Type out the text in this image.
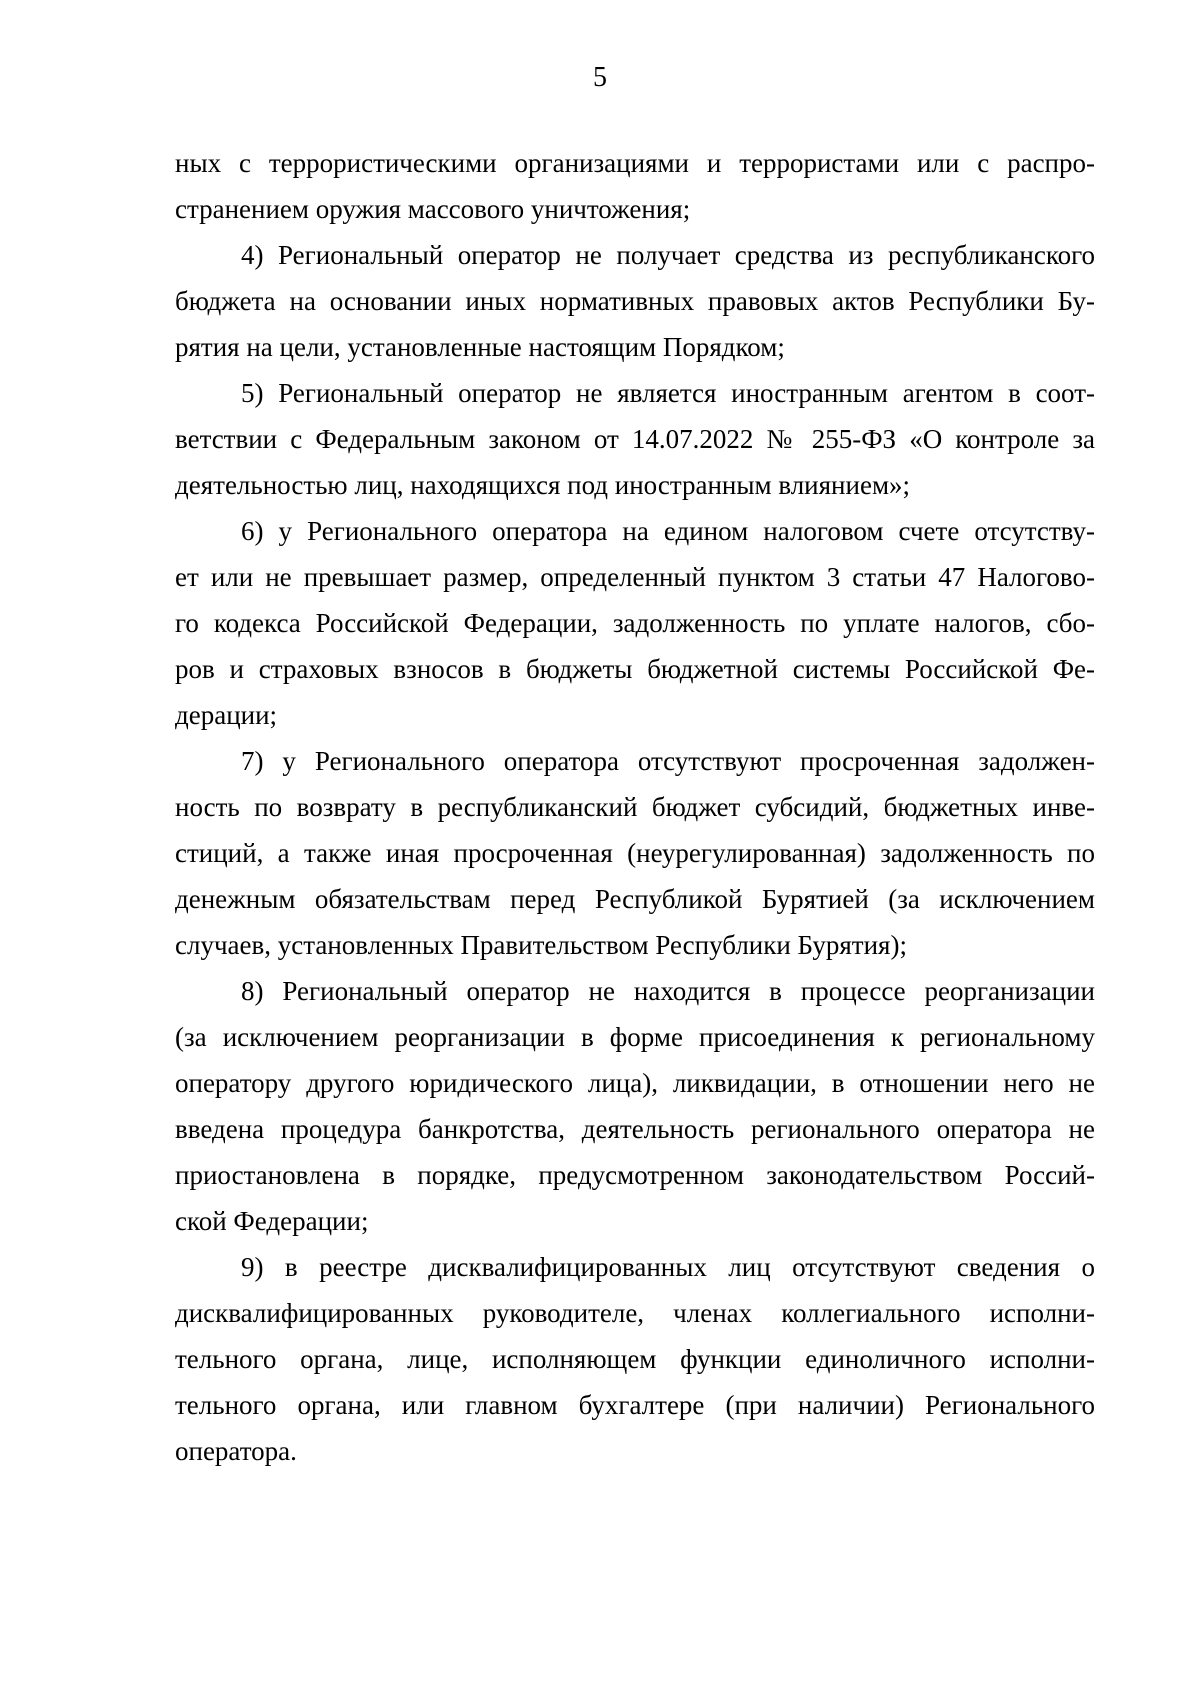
5
ных с террористическими организациями и террористами или с распро-
странением оружия массового уничтожения;
4) Региональный оператор не получает средства из республиканского
бюджета на основании иных нормативных правовых актов Республики Бу-
рятия на цели, установленные настоящим Порядком;
5) Региональный оператор не является иностранным агентом в соот-
ветствии с Федеральным законом от 14.07.2022 № 255-ФЗ «О контроле за
деятельностью лиц, находящихся под иностранным влиянием»;
6) у Регионального оператора на едином налоговом счете отсутству-
ет или не превышает размер, определенный пунктом 3 статьи 47 Налогово-
го кодекса Российской Федерации, задолженность по уплате налогов, сбо-
ров и страховых взносов в бюджеты бюджетной системы Российской Фе-
дерации;
7) у Регионального оператора отсутствуют просроченная задолжен-
ность по возврату в республиканский бюджет субсидий, бюджетных инве-
стиций, а также иная просроченная (неурегулированная) задолженность по
денежным обязательствам перед Республикой Бурятией (за исключением
случаев, установленных Правительством Республики Бурятия);
8) Региональный оператор не находится в процессе реорганизации
(за исключением реорганизации в форме присоединения к региональному
оператору другого юридического лица), ликвидации, в отношении него не
введена процедура банкротства, деятельность регионального оператора не
приостановлена в порядке, предусмотренном законодательством Россий-
ской Федерации;
9) в реестре дисквалифицированных лиц отсутствуют сведения о
дисквалифицированных руководителе, членах коллегиального исполни-
тельного органа, лице, исполняющем функции единоличного исполни-
тельного органа, или главном бухгалтере (при наличии) Регионального
оператора.
